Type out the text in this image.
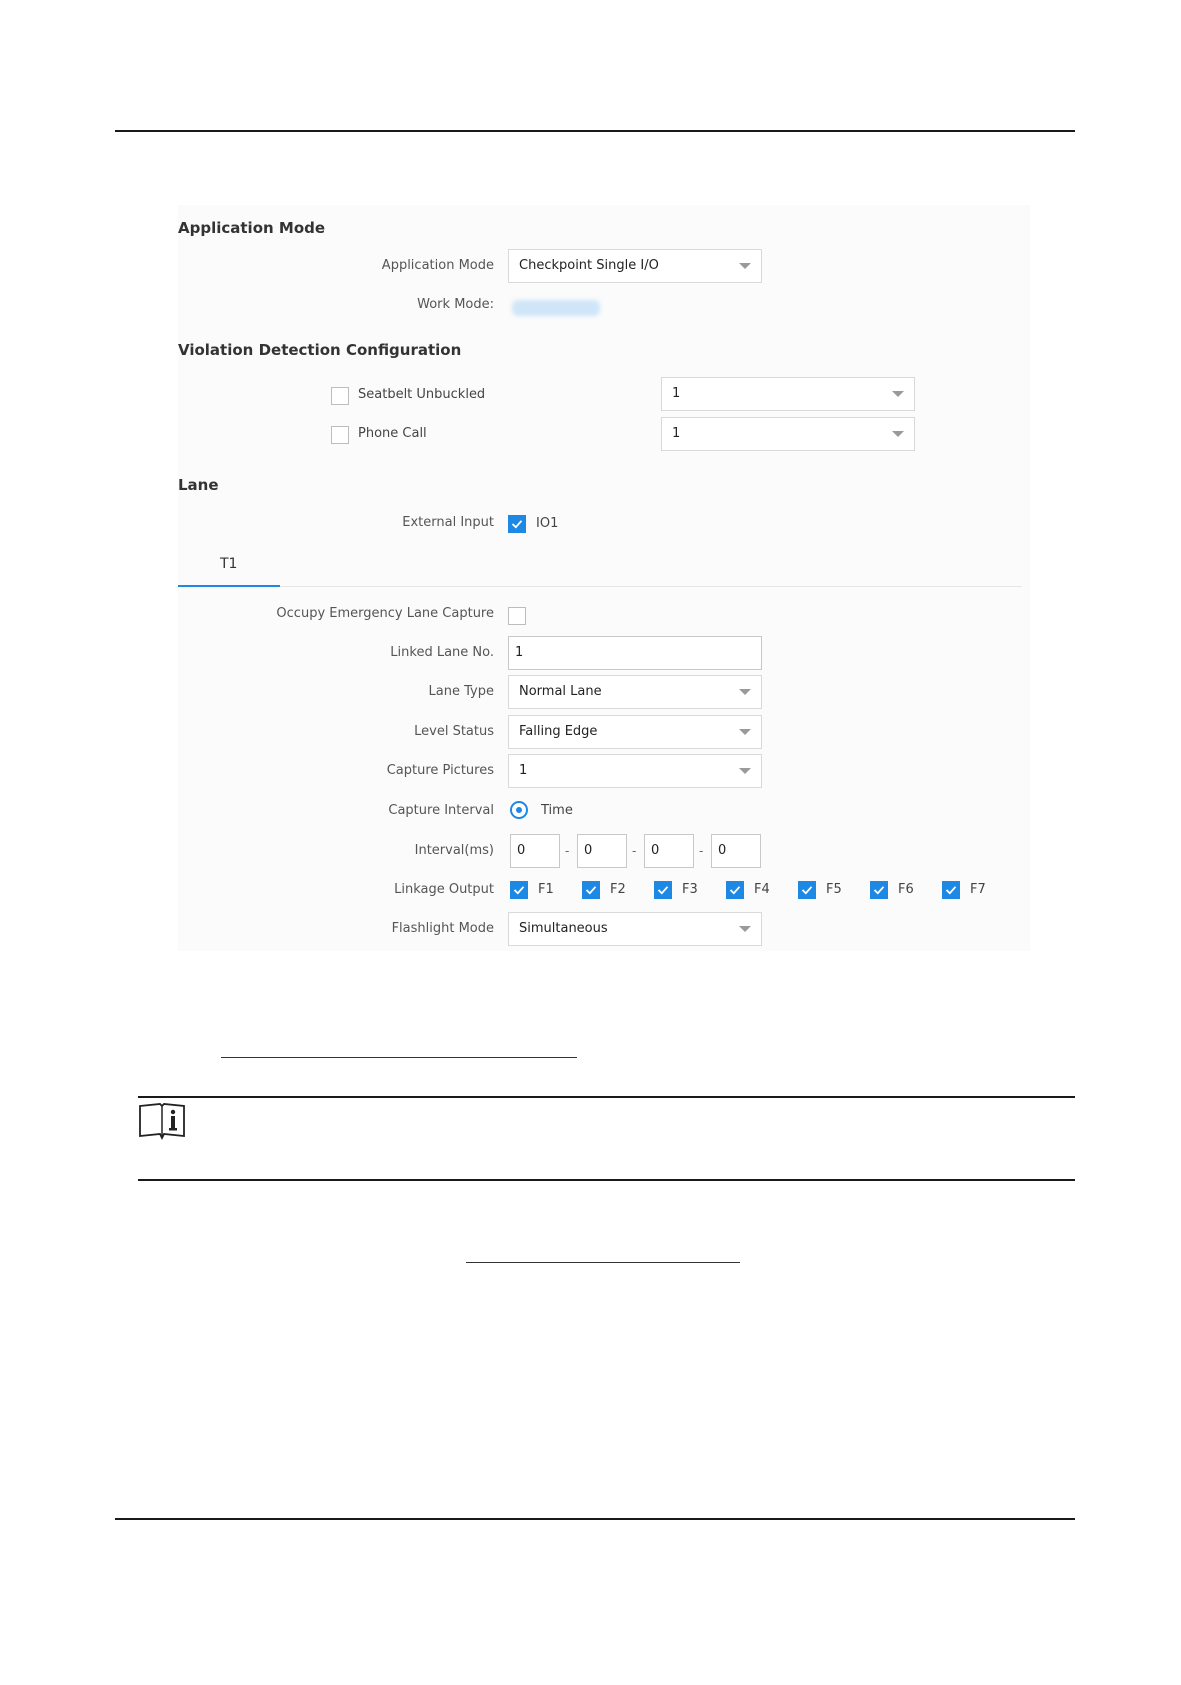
Application Mode
Application Mode	Checkpoint Single I/O
Work Mode:
Violation Detection Configuration
Seatbelt Unbuckled	1
Phone Call	1
Lane
External Input	IO1
T1
Occupy Emergency Lane Capture
Linked Lane No.	1
Lane Type	Normal Lane
Level Status	Falling Edge
Capture Pictures	1
Capture Interval	Time
Interval(ms)	0	-	0	-	0	-	0
Linkage Output	F1	F2	F3	F4	F5	F6	F7
Flashlight Mode	Simultaneous
